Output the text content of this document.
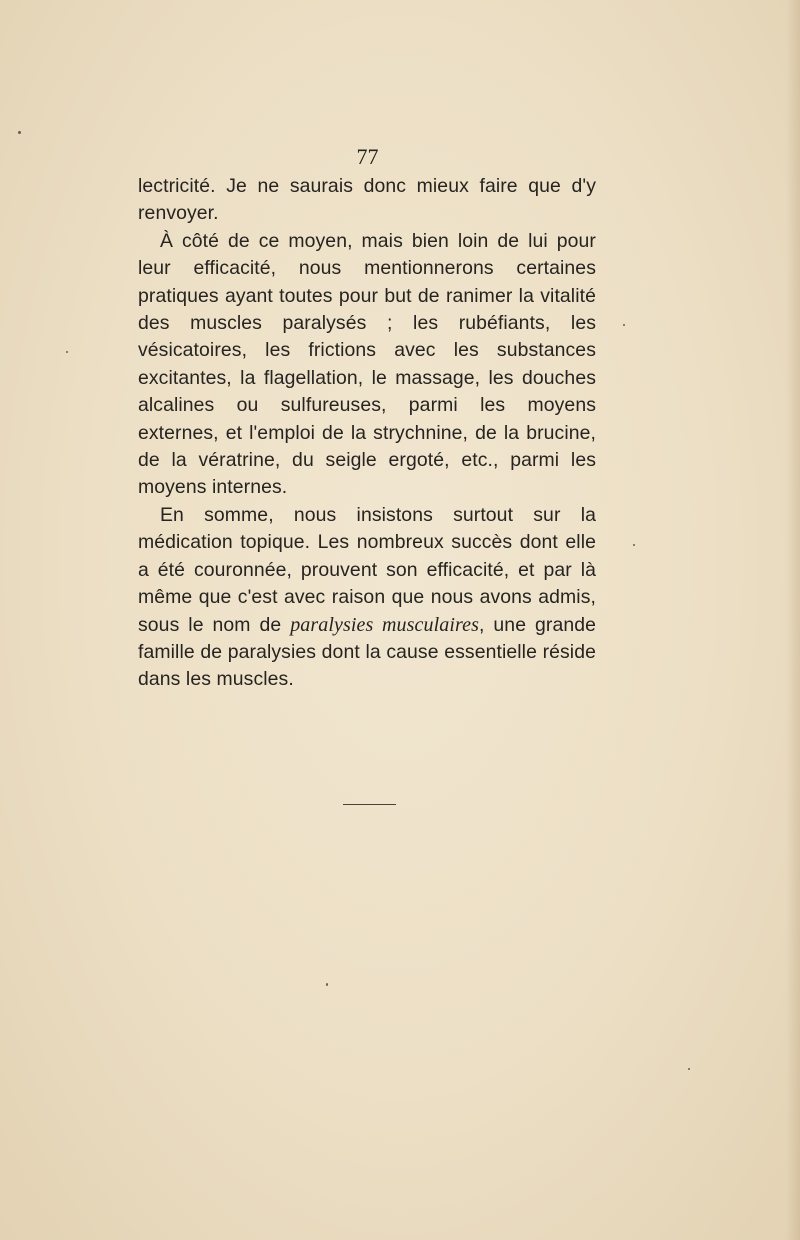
77

lectricité. Je ne saurais donc mieux faire que d'y renvoyer.

À côté de ce moyen, mais bien loin de lui pour leur efficacité, nous mentionnerons certaines pratiques ayant toutes pour but de ranimer la vitalité des muscles paralysés ; les rubéfiants, les vésicatoires, les frictions avec les substances excitantes, la flagellation, le massage, les douches alcalines ou sulfureuses, parmi les moyens externes, et l'emploi de la strychnine, de la brucine, de la vératrine, du seigle ergoté, etc., parmi les moyens internes.

En somme, nous insistons surtout sur la médication topique. Les nombreux succès dont elle a été couronnée, prouvent son efficacité, et par là même que c'est avec raison que nous avons admis, sous le nom de paralysies musculaires, une grande famille de paralysies dont la cause essentielle réside dans les muscles.
